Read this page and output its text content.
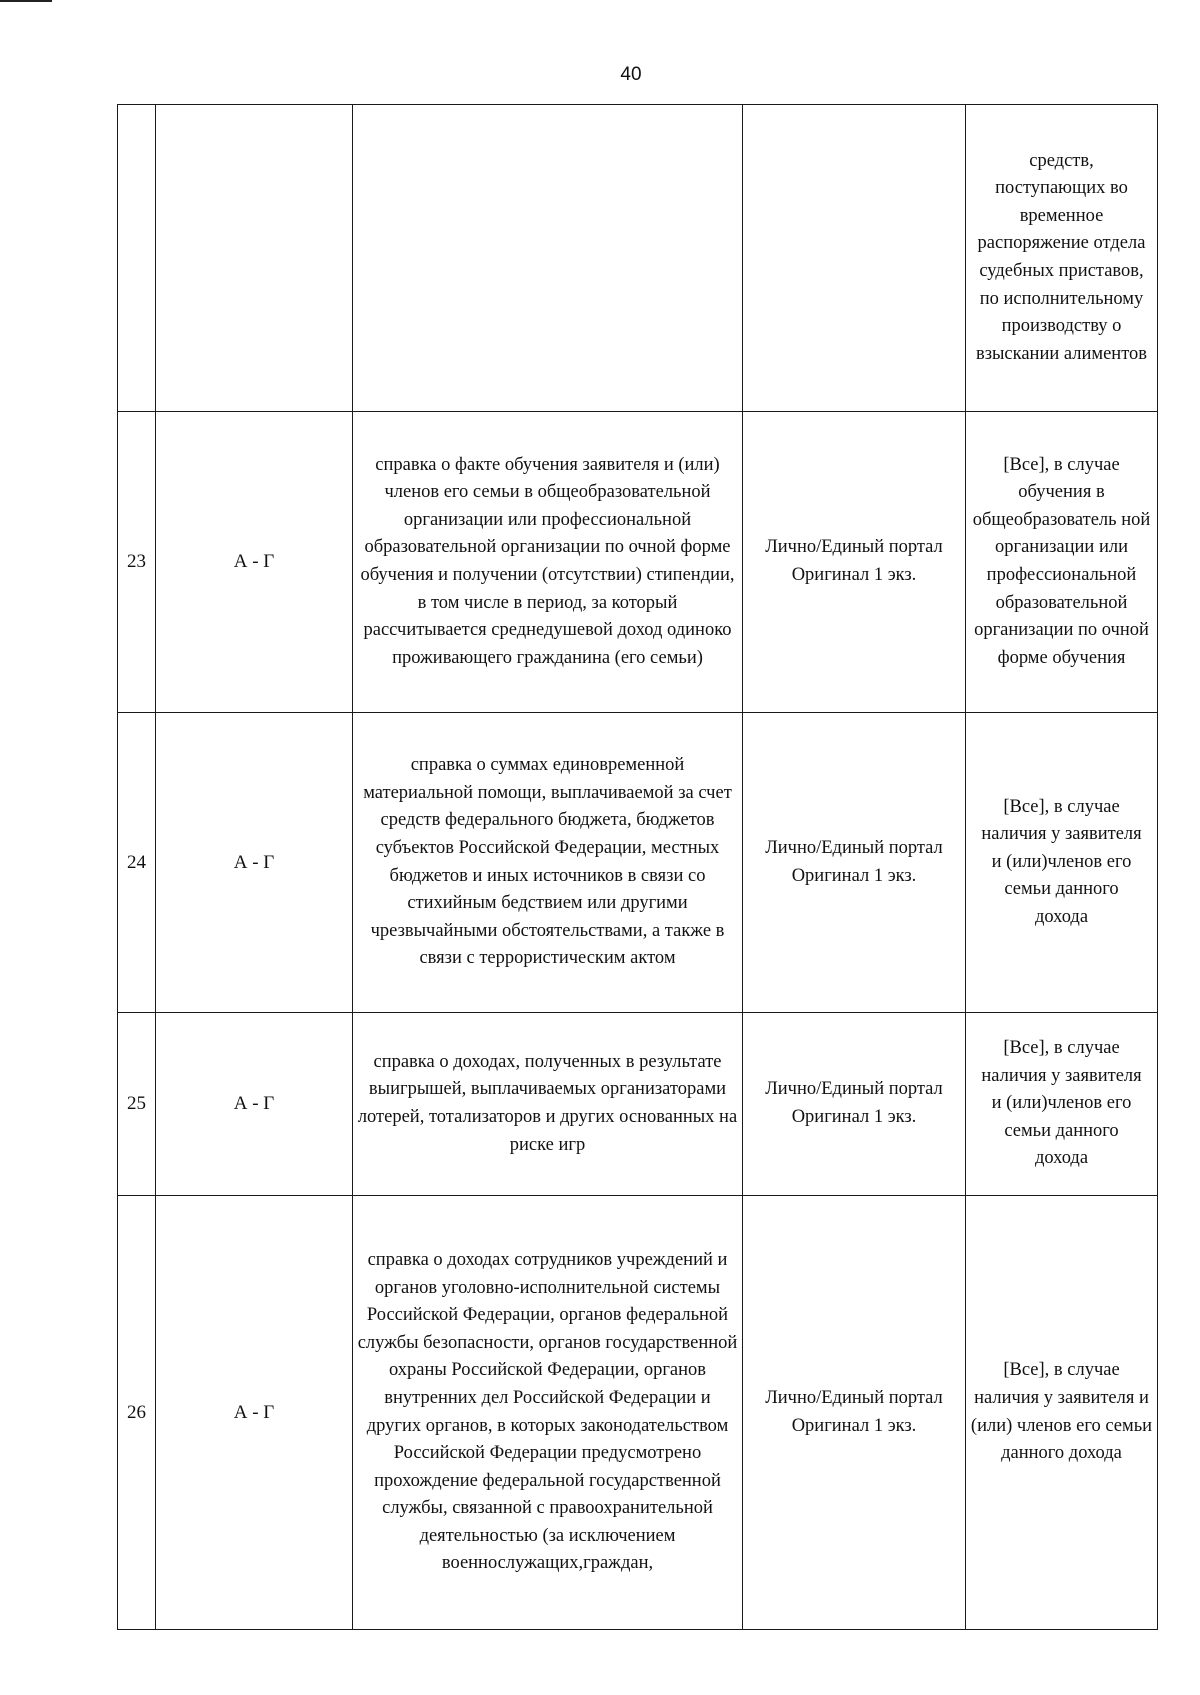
40
				средств, поступающих во временное распоряжение отдела судебных приставов, по исполнительному производству о взыскании алиментов
23	А - Г	справка о факте обучения заявителя и (или) членов его семьи в общеобразовательной организации или профессиональной образовательной организации по очной форме обучения и получении (отсутствии) стипендии, в том числе в период, за который рассчитывается среднедушевой доход одиноко проживающего гражданина (его семьи)	Лично/Единый портал Оригинал 1 экз.	[Все], в случае обучения в общеобразователь ной организации или профессиональной образовательной организации по очной форме обучения
24	А - Г	справка о суммах единовременной материальной помощи, выплачиваемой за счет средств федерального бюджета, бюджетов субъектов Российской Федерации, местных бюджетов и иных источников в связи со стихийным бедствием или другими чрезвычайными обстоятельствами, а также в связи с террористическим актом	Лично/Единый портал Оригинал 1 экз.	[Все], в случае наличия у заявителя и (или)членов его семьи данного дохода
25	А - Г	справка о доходах, полученных в результате выигрышей, выплачиваемых организаторами лотерей, тотализаторов и других основанных на риске игр	Лично/Единый портал Оригинал 1 экз.	[Все], в случае наличия у заявителя и (или)членов его семьи данного дохода
26	А - Г	справка о доходах сотрудников учреждений и органов уголовно-исполнительной системы Российской Федерации, органов федеральной службы безопасности, органов государственной охраны Российской Федерации, органов внутренних дел Российской Федерации и других органов, в которых законодательством Российской Федерации предусмотрено прохождение федеральной государственной службы, связанной с правоохранительной деятельностью (за исключением военнослужащих,граждан,	Лично/Единый портал Оригинал 1 экз.	[Все], в случае наличия у заявителя и (или) членов его семьи данного дохода
